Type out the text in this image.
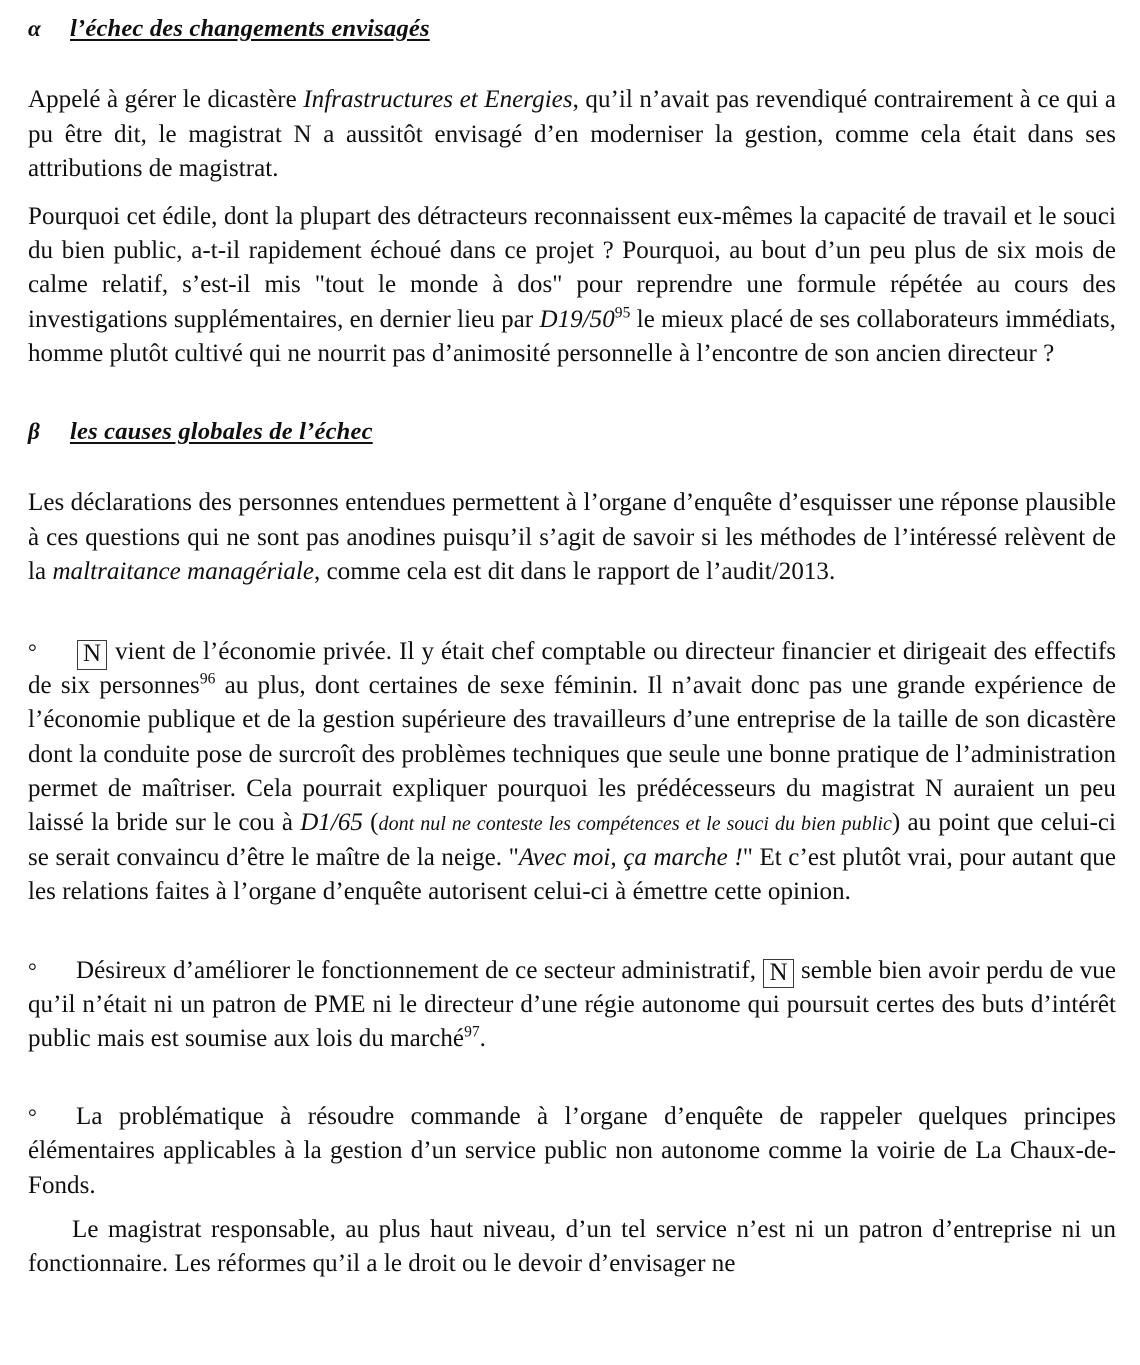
α	l’échec des changements envisagés

Appelé à gérer le dicastère Infrastructures et Energies, qu’il n’avait pas revendiqué contrairement à ce qui a pu être dit, le magistrat N a aussitôt envisagé d’en moderniser la gestion, comme cela était dans ses attributions de magistrat.

Pourquoi cet édile, dont la plupart des détracteurs reconnaissent eux-mêmes la capacité de travail et le souci du bien public, a-t-il rapidement échoué dans ce projet ? Pourquoi, au bout d’un peu plus de six mois de calme relatif, s’est-il mis "tout le monde à dos" pour reprendre une formule répétée au cours des investigations supplémentaires, en dernier lieu par D19/50$^{95}$ le mieux placé de ses collaborateurs immédiats, homme plutôt cultivé qui ne nourrit pas d’animosité personnelle à l’encontre de son ancien directeur ?

β	les causes globales de l’échec

Les déclarations des personnes entendues permettent à l’organe d’enquête d’esquisser une réponse plausible à ces questions qui ne sont pas anodines puisqu’il s’agit de savoir si les méthodes de l’intéressé relèvent de la maltraitance managériale, comme cela est dit dans le rapport de l’audit/2013.

° N vient de l’économie privée. Il y était chef comptable ou directeur financier et dirigeait des effectifs de six personnes$^{96}$ au plus, dont certaines de sexe féminin. Il n’avait donc pas une grande expérience de l’économie publique et de la gestion supérieure des travailleurs d’une entreprise de la taille de son dicastère dont la conduite pose de surcroît des problèmes techniques que seule une bonne pratique de l’administration permet de maîtriser. Cela pourrait expliquer pourquoi les prédécesseurs du magistrat N auraient un peu laissé la bride sur le cou à D1/65 (dont nul ne conteste les compétences et le souci du bien public) au point que celui-ci se serait convaincu d’être le maître de la neige. "Avec moi, ça marche !" Et c’est plutôt vrai, pour autant que les relations faites à l’organe d’enquête autorisent celui-ci à émettre cette opinion.

° Désireux d’améliorer le fonctionnement de ce secteur administratif, N semble bien avoir perdu de vue qu’il n’était ni un patron de PME ni le directeur d’une régie autonome qui poursuit certes des buts d’intérêt public mais est soumise aux lois du marché$^{97}$.

° La problématique à résoudre commande à l’organe d’enquête de rappeler quelques principes élémentaires applicables à la gestion d’un service public non autonome comme la voirie de La Chaux-de-Fonds.

Le magistrat responsable, au plus haut niveau, d’un tel service n’est ni un patron d’entreprise ni un fonctionnaire. Les réformes qu’il a le droit ou le devoir d’envisager ne
